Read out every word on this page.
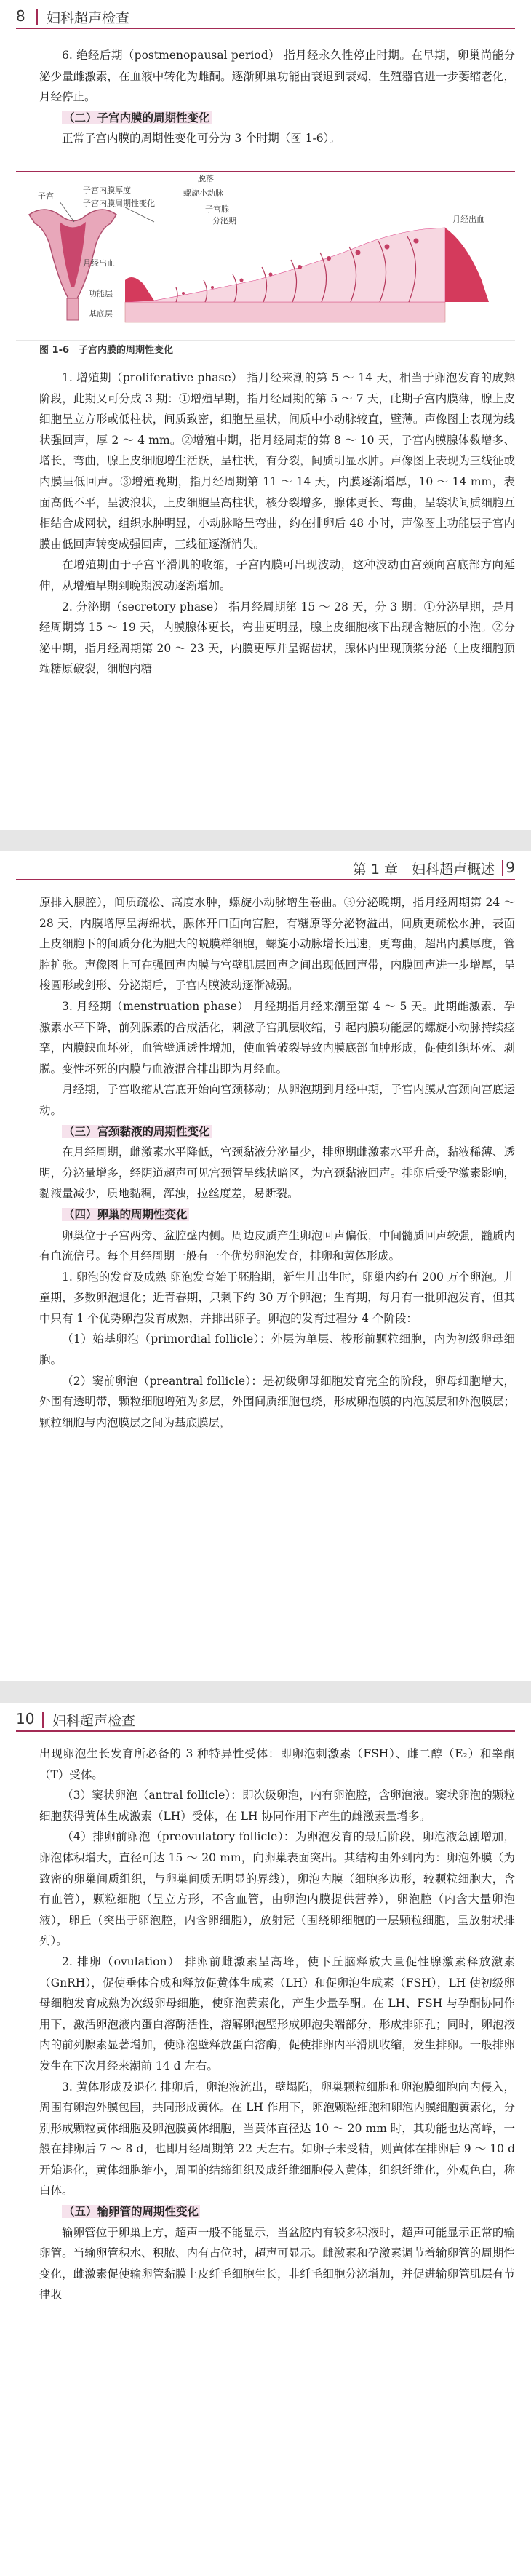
8 妇科超声检查

6. 绝经后期（postmenopausal period） 指月经永久性停止时期。在早期，卵巢尚能分泌少量雌激素，在血液中转化为雌酮。逐渐卵巢功能由衰退到衰竭，生殖器官进一步萎缩老化，月经停止。

（二）子宫内膜的周期性变化

正常子宫内膜的周期性变化可分为 3 个时期（图 1-6）。

子宫
子宫内膜厚度
子宫内膜周期性变化
月经出血
功能层
基底层
螺旋小动脉
子宫腺
脱落
分泌期	月经出血
图 1-6　子宫内膜的周期性变化

1. 增殖期（proliferative phase） 指月经来潮的第 5 ～ 14 天，相当于卵泡发育的成熟阶段，此期又可分成 3 期：①增殖早期，指月经周期的第 5 ～ 7 天，此期子宫内膜薄，腺上皮细胞呈立方形或低柱状，间质致密，细胞呈星状，间质中小动脉较直，壁薄。声像图上表现为线状强回声，厚 2 ～ 4 mm。②增殖中期，指月经周期的第 8 ～ 10 天，子宫内膜腺体数增多、增长，弯曲，腺上皮细胞增生活跃，呈柱状，有分裂，间质明显水肿。声像图上表现为三线征或内膜呈低回声。③增殖晚期，指月经周期第 11 ～ 14 天，内膜逐渐增厚，10 ～ 14 mm，表面高低不平，呈波浪状，上皮细胞呈高柱状，核分裂增多，腺体更长、弯曲，呈袋状间质细胞互相结合成网状，组织水肿明显，小动脉略呈弯曲，约在排卵后 48 小时，声像图上功能层子宫内膜由低回声转变成强回声，三线征逐渐消失。

在增殖期由于子宫平滑肌的收缩，子宫内膜可出现波动，这种波动由宫颈向宫底部方向延伸，从增殖早期到晚期波动逐渐增加。

2. 分泌期（secretory phase） 指月经周期第 15 ～ 28 天，分 3 期：①分泌早期，是月经周期第 15 ～ 19 天，内膜腺体更长，弯曲更明显，腺上皮细胞核下出现含糖原的小泡。②分泌中期，指月经周期第 20 ～ 23 天，内膜更厚并呈锯齿状，腺体内出现顶浆分泌（上皮细胞顶端糖原破裂，细胞内糖

第 1 章　妇科超声概述 9

原排入腺腔），间质疏松、高度水肿，螺旋小动脉增生卷曲。③分泌晚期，指月经周期第 24 ～ 28 天，内膜增厚呈海绵状，腺体开口面向宫腔，有糖原等分泌物溢出，间质更疏松水肿，表面上皮细胞下的间质分化为肥大的蜕膜样细胞，螺旋小动脉增长迅速，更弯曲，超出内膜厚度，管腔扩张。声像图上可在强回声内膜与宫壁肌层回声之间出现低回声带，内膜回声进一步增厚，呈梭圆形或剑形、分泌期后，子宫内膜波动逐渐减弱。

3. 月经期（menstruation phase） 月经期指月经来潮至第 4 ～ 5 天。此期雌激素、孕激素水平下降，前列腺素的合成活化，刺激子宫肌层收缩，引起内膜功能层的螺旋小动脉持续痉挛，内膜缺血坏死，血管壁通透性增加，使血管破裂导致内膜底部血肿形成，促使组织坏死、剥脱。变性坏死的内膜与血液混合排出即为月经血。

月经期，子宫收缩从宫底开始向宫颈移动；从卵泡期到月经中期，子宫内膜从宫颈向宫底运动。

（三）宫颈黏液的周期性变化

在月经周期，雌激素水平降低，宫颈黏液分泌量少，排卵期雌激素水平升高，黏液稀薄、透明，分泌量增多，经阴道超声可见宫颈管呈线状暗区，为宫颈黏液回声。排卵后受孕激素影响，黏液量减少，质地黏稠，浑浊，拉丝度差，易断裂。

（四）卵巢的周期性变化

卵巢位于子宫两旁、盆腔壁内侧。周边皮质产生卵泡回声偏低，中间髓质回声较强，髓质内有血流信号。每个月经周期一般有一个优势卵泡发育，排卵和黄体形成。

1. 卵泡的发育及成熟 卵泡发育始于胚胎期，新生儿出生时，卵巢内约有 200 万个卵泡。儿童期，多数卵泡退化；近青春期，只剩下约 30 万个卵泡；生育期，每月有一批卵泡发育，但其中只有 1 个优势卵泡发育成熟，并排出卵子。卵泡的发育过程分 4 个阶段：

（1）始基卵泡（primordial follicle）：外层为单层、梭形前颗粒细胞，内为初级卵母细胞。

（2）窦前卵泡（preantral follicle）：是初级卵母细胞发育完全的阶段，卵母细胞增大，外围有透明带，颗粒细胞增殖为多层，外围间质细胞包绕，形成卵泡膜的内泡膜层和外泡膜层；颗粒细胞与内泡膜层之间为基底膜层，

10 妇科超声检查

出现卵泡生长发育所必备的 3 种特异性受体：即卵泡刺激素（FSH）、雌二醇（E₂）和睾酮（T）受体。

（3）窦状卵泡（antral follicle）：即次级卵泡，内有卵泡腔，含卵泡液。窦状卵泡的颗粒细胞获得黄体生成激素（LH）受体，在 LH 协同作用下产生的雌激素量增多。

（4）排卵前卵泡（preovulatory follicle）：为卵泡发育的最后阶段，卵泡液急剧增加，卵泡体积增大，直径可达 15 ～ 20 mm，向卵巢表面突出。其结构由外到内为：卵泡外膜（为致密的卵巢间质组织，与卵巢间质无明显的界线），卵泡内膜（细胞多边形，较颗粒细胞大，含有血管），颗粒细胞（呈立方形，不含血管，由卵泡内膜提供营养），卵泡腔（内含大量卵泡液），卵丘（突出于卵泡腔，内含卵细胞），放射冠（围绕卵细胞的一层颗粒细胞，呈放射状排列）。

2. 排卵（ovulation） 排卵前雌激素呈高峰，使下丘脑释放大量促性腺激素释放激素（GnRH），促使垂体合成和释放促黄体生成素（LH）和促卵泡生成素（FSH），LH 使初级卵母细胞发育成熟为次级卵母细胞，使卵泡黄素化，产生少量孕酮。在 LH、FSH 与孕酮协同作用下，激活卵泡液内蛋白溶酶活性，溶解卵泡壁形成卵泡尖端部分，形成排卵孔；同时，卵泡液内的前列腺素显著增加，使卵泡壁释放蛋白溶酶，促使排卵内平滑肌收缩，发生排卵。一般排卵发生在下次月经来潮前 14 d 左右。

3. 黄体形成及退化 排卵后，卵泡液流出，壁塌陷，卵巢颗粒细胞和卵泡膜细胞向内侵入，周围有卵泡外膜包围，共同形成黄体。在 LH 作用下，卵泡颗粒细胞和卵泡内膜细胞黄素化，分别形成颗粒黄体细胞及卵泡膜黄体细胞，当黄体直径达 10 ～ 20 mm 时，其功能也达高峰，一般在排卵后 7 ～ 8 d，也即月经周期第 22 天左右。如卵子未受精，则黄体在排卵后 9 ～ 10 d 开始退化，黄体细胞缩小，周围的结缔组织及成纤维细胞侵入黄体，组织纤维化，外观色白，称白体。

（五）输卵管的周期性变化

输卵管位于卵巢上方，超声一般不能显示，当盆腔内有较多积液时，超声可能显示正常的输卵管。当输卵管积水、积脓、内有占位时，超声可显示。雌激素和孕激素调节着输卵管的周期性变化，雌激素促使输卵管黏膜上皮纤毛细胞生长，非纤毛细胞分泌增加，并促进输卵管肌层有节律收
